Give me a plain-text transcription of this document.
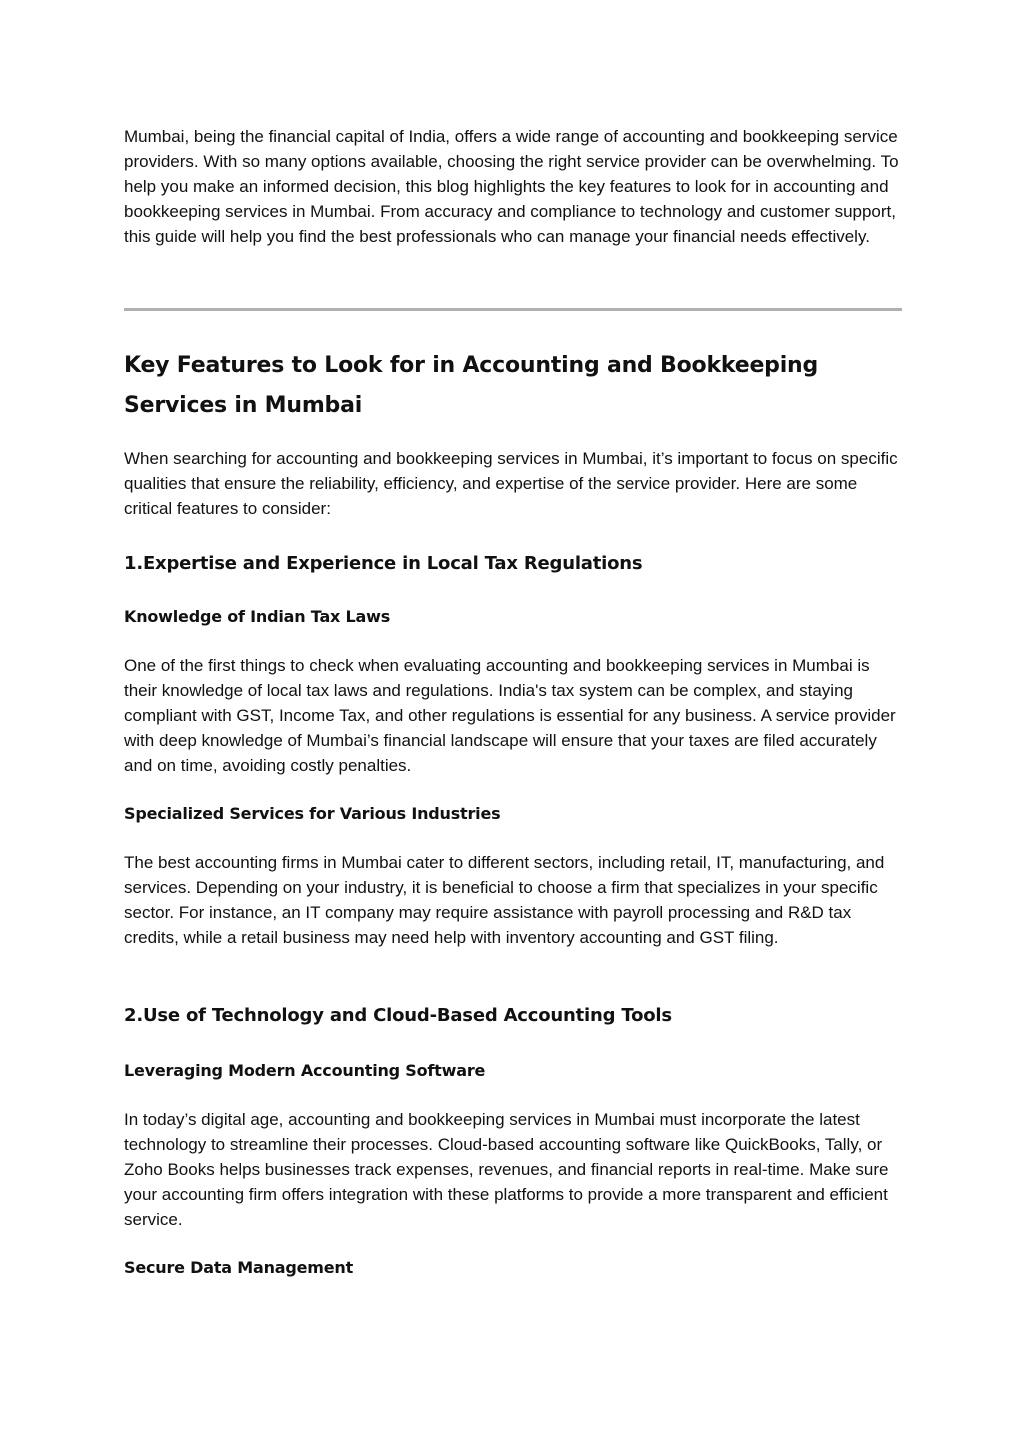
Mumbai, being the financial capital of India, offers a wide range of accounting and bookkeeping service providers. With so many options available, choosing the right service provider can be overwhelming. To help you make an informed decision, this blog highlights the key features to look for in accounting and bookkeeping services in Mumbai. From accuracy and compliance to technology and customer support, this guide will help you find the best professionals who can manage your financial needs effectively.

Key Features to Look for in Accounting and Bookkeeping Services in Mumbai

When searching for accounting and bookkeeping services in Mumbai, it’s important to focus on specific qualities that ensure the reliability, efficiency, and expertise of the service provider. Here are some critical features to consider:

1.Expertise and Experience in Local Tax Regulations
Knowledge of Indian Tax Laws

One of the first things to check when evaluating accounting and bookkeeping services in Mumbai is their knowledge of local tax laws and regulations. India's tax system can be complex, and staying compliant with GST, Income Tax, and other regulations is essential for any business. A service provider with deep knowledge of Mumbai’s financial landscape will ensure that your taxes are filed accurately and on time, avoiding costly penalties.

Specialized Services for Various Industries

The best accounting firms in Mumbai cater to different sectors, including retail, IT, manufacturing, and services. Depending on your industry, it is beneficial to choose a firm that specializes in your specific sector. For instance, an IT company may require assistance with payroll processing and R&D tax credits, while a retail business may need help with inventory accounting and GST filing.

2.Use of Technology and Cloud-Based Accounting Tools
Leveraging Modern Accounting Software

In today’s digital age, accounting and bookkeeping services in Mumbai must incorporate the latest technology to streamline their processes. Cloud-based accounting software like QuickBooks, Tally, or Zoho Books helps businesses track expenses, revenues, and financial reports in real-time. Make sure your accounting firm offers integration with these platforms to provide a more transparent and efficient service.

Secure Data Management
